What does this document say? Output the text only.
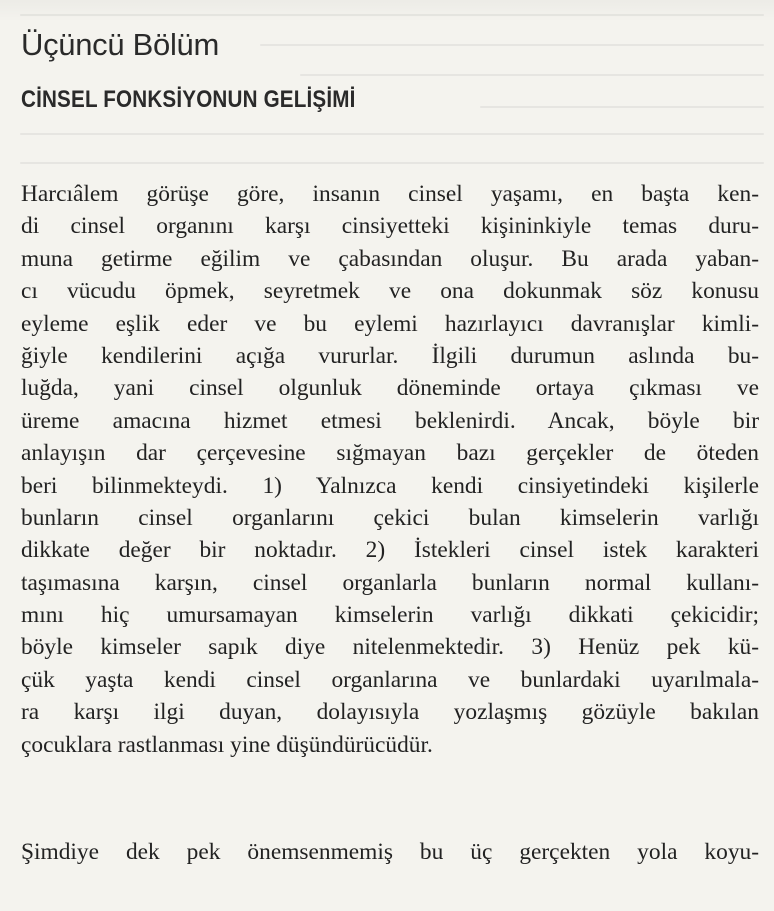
Üçüncü Bölüm
CİNSEL FONKSİYONUN GELİŞİMİ
Harcıâlem görüşe göre, insanın cinsel yaşamı, en başta ken-
di cinsel organını karşı cinsiyetteki kişininkiyle temas duru-
muna getirme eğilim ve çabasından oluşur. Bu arada yaban-
cı vücudu öpmek, seyretmek ve ona dokunmak söz konusu
eyleme eşlik eder ve bu eylemi hazırlayıcı davranışlar kimli-
ğiyle kendilerini açığa vururlar. İlgili durumun aslında bu-
luğda, yani cinsel olgunluk döneminde ortaya çıkması ve
üreme amacına hizmet etmesi beklenirdi. Ancak, böyle bir
anlayışın dar çerçevesine sığmayan bazı gerçekler de öteden
beri bilinmekteydi. 1) Yalnızca kendi cinsiyetindeki kişilerle
bunların cinsel organlarını çekici bulan kimselerin varlığı
dikkate değer bir noktadır. 2) İstekleri cinsel istek karakteri
taşımasına karşın, cinsel organlarla bunların normal kullanı-
mını hiç umursamayan kimselerin varlığı dikkati çekicidir;
böyle kimseler sapık diye nitelenmektedir. 3) Henüz pek kü-
çük yaşta kendi cinsel organlarına ve bunlardaki uyarılmala-
ra karşı ilgi duyan, dolayısıyla yozlaşmış gözüyle bakılan
çocuklara rastlanması yine düşündürücüdür.
Şimdiye dek pek önemsenmemiş bu üç gerçekten yola koyu-
